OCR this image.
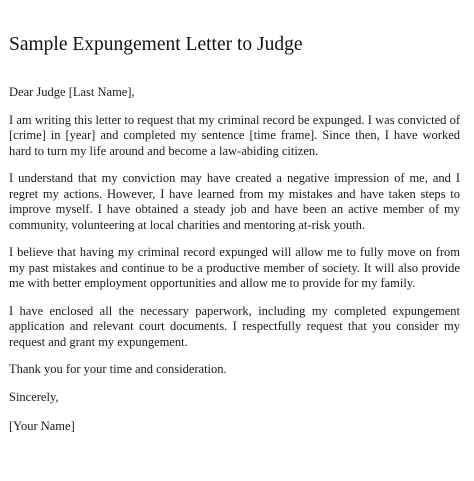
Sample Expungement Letter to Judge

Dear Judge [Last Name],

I am writing this letter to request that my criminal record be expunged. I was convicted of [crime] in [year] and completed my sentence [time frame]. Since then, I have worked hard to turn my life around and become a law-abiding citizen.

I understand that my conviction may have created a negative impression of me, and I regret my actions. However, I have learned from my mistakes and have taken steps to improve myself. I have obtained a steady job and have been an active member of my community, volunteering at local charities and mentoring at-risk youth.

I believe that having my criminal record expunged will allow me to fully move on from my past mistakes and continue to be a productive member of society. It will also provide me with better employment opportunities and allow me to provide for my family.

I have enclosed all the necessary paperwork, including my completed expungement application and relevant court documents. I respectfully request that you consider my request and grant my expungement.

Thank you for your time and consideration.

Sincerely,

[Your Name]
